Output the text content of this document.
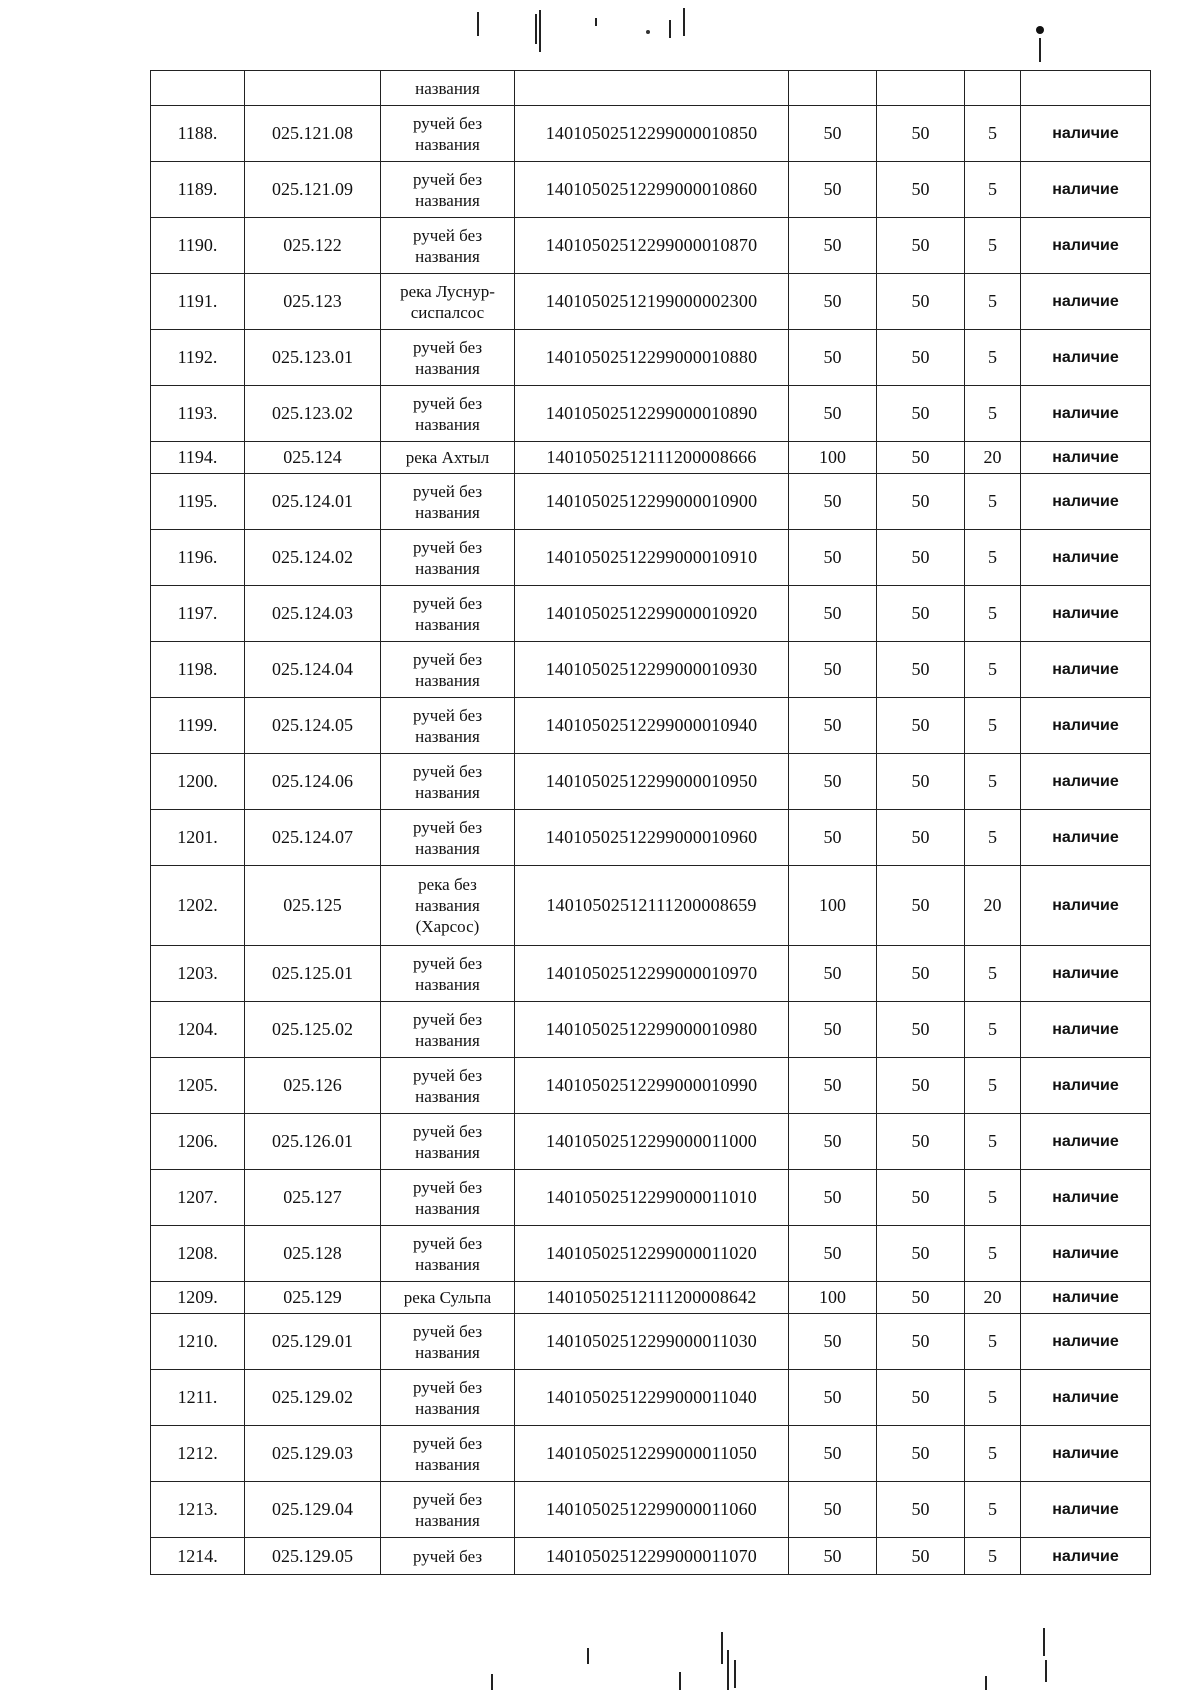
		названия					
1188.	025.121.08	ручей без названия	14010502512299000010850	50	50	5	наличие
1189.	025.121.09	ручей без названия	14010502512299000010860	50	50	5	наличие
1190.	025.122	ручей без названия	14010502512299000010870	50	50	5	наличие
1191.	025.123	река Луснур-сиспалсос	14010502512199000002300	50	50	5	наличие
1192.	025.123.01	ручей без названия	14010502512299000010880	50	50	5	наличие
1193.	025.123.02	ручей без названия	14010502512299000010890	50	50	5	наличие
1194.	025.124	река Ахтыл	14010502512111200008666	100	50	20	наличие
1195.	025.124.01	ручей без названия	14010502512299000010900	50	50	5	наличие
1196.	025.124.02	ручей без названия	14010502512299000010910	50	50	5	наличие
1197.	025.124.03	ручей без названия	14010502512299000010920	50	50	5	наличие
1198.	025.124.04	ручей без названия	14010502512299000010930	50	50	5	наличие
1199.	025.124.05	ручей без названия	14010502512299000010940	50	50	5	наличие
1200.	025.124.06	ручей без названия	14010502512299000010950	50	50	5	наличие
1201.	025.124.07	ручей без названия	14010502512299000010960	50	50	5	наличие
1202.	025.125	река без названия (Харсос)	14010502512111200008659	100	50	20	наличие
1203.	025.125.01	ручей без названия	14010502512299000010970	50	50	5	наличие
1204.	025.125.02	ручей без названия	14010502512299000010980	50	50	5	наличие
1205.	025.126	ручей без названия	14010502512299000010990	50	50	5	наличие
1206.	025.126.01	ручей без названия	14010502512299000011000	50	50	5	наличие
1207.	025.127	ручей без названия	14010502512299000011010	50	50	5	наличие
1208.	025.128	ручей без названия	14010502512299000011020	50	50	5	наличие
1209.	025.129	река Сульпа	14010502512111200008642	100	50	20	наличие
1210.	025.129.01	ручей без названия	14010502512299000011030	50	50	5	наличие
1211.	025.129.02	ручей без названия	14010502512299000011040	50	50	5	наличие
1212.	025.129.03	ручей без названия	14010502512299000011050	50	50	5	наличие
1213.	025.129.04	ручей без названия	14010502512299000011060	50	50	5	наличие
1214.	025.129.05	ручей без	14010502512299000011070	50	50	5	наличие
